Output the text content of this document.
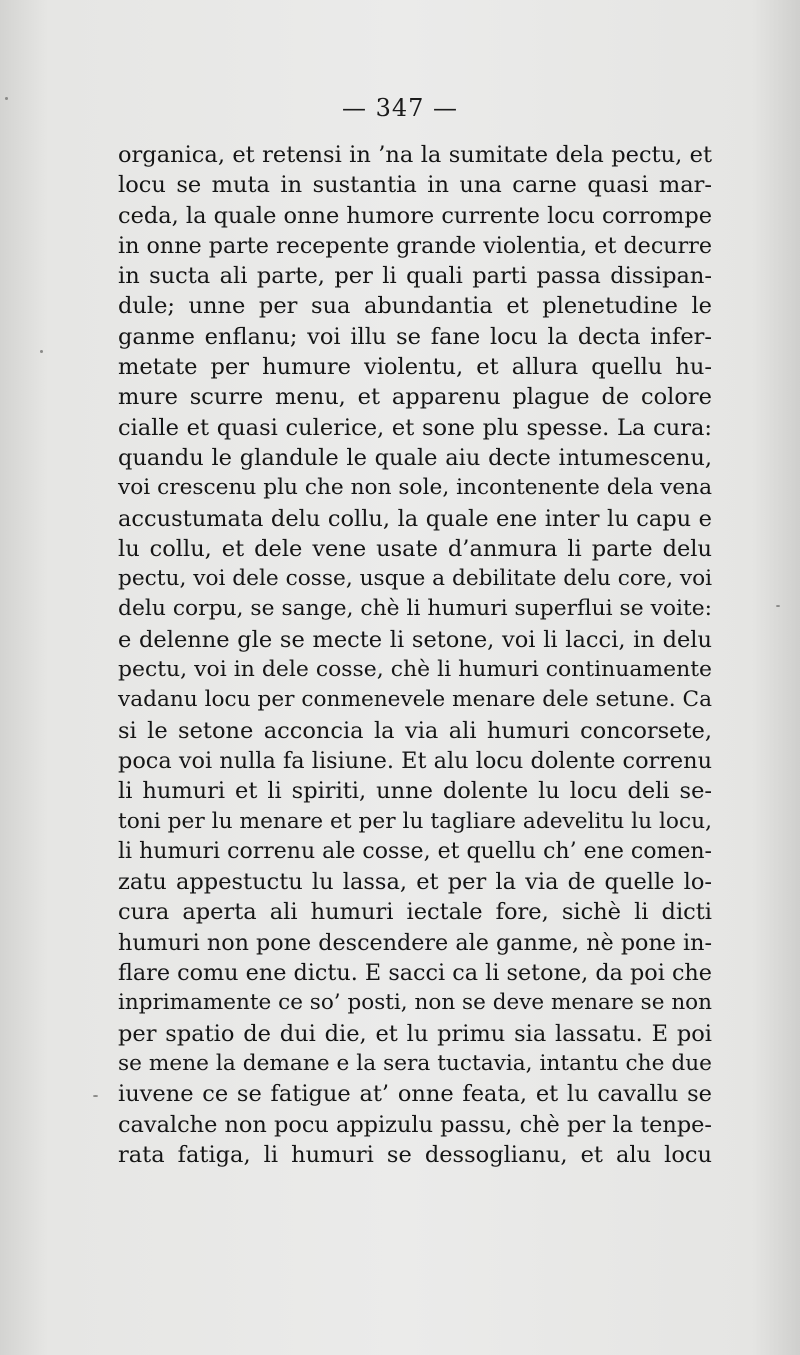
— 347 —
organica, et retensi in ’na la sumitate dela pectu, et
locu se muta in sustantia in una carne quasi mar-
ceda, la quale onne humore currente locu corrompe
in onne parte recepente grande violentia, et decurre
in sucta ali parte, per li quali parti passa dissipan-
dule; unne per sua abundantia et plenetudine le
ganme enflanu; voi illu se fane locu la decta infer-
metate per humure violentu, et allura quellu hu-
mure scurre menu, et apparenu plague de colore
cialle et quasi culerice, et sone plu spesse. La cura:
quandu le glandule le quale aiu decte intumescenu,
voi crescenu plu che non sole, incontenente dela vena
accustumata delu collu, la quale ene inter lu capu e
lu collu, et dele vene usate d’anmura li parte delu
pectu, voi dele cosse, usque a debilitate delu core, voi
delu corpu, se sange, chè li humuri superflui se voite:
e delenne gle se mecte li setone, voi li lacci, in delu
pectu, voi in dele cosse, chè li humuri continuamente
vadanu locu per conmenevele menare dele setune. Ca
si le setone acconcia la via ali humuri concorsete,
poca voi nulla fa lisiune. Et alu locu dolente correnu
li humuri et li spiriti, unne dolente lu locu deli se-
toni per lu menare et per lu tagliare adevelitu lu locu,
li humuri correnu ale cosse, et quellu ch’ ene comen-
zatu appestuctu lu lassa, et per la via de quelle lo-
cura aperta ali humuri iectale fore, sichè li dicti
humuri non pone descendere ale ganme, nè pone in-
flare comu ene dictu. E sacci ca li setone, da poi che
inprimamente ce so’ posti, non se deve menare se non
per spatio de dui die, et lu primu sia lassatu. E poi
se mene la demane e la sera tuctavia, intantu che due
iuvene ce se fatigue at’ onne feata, et lu cavallu se
cavalche non pocu appizulu passu, chè per la tenpe-
rata fatiga, li humuri se dessoglianu, et alu locu
